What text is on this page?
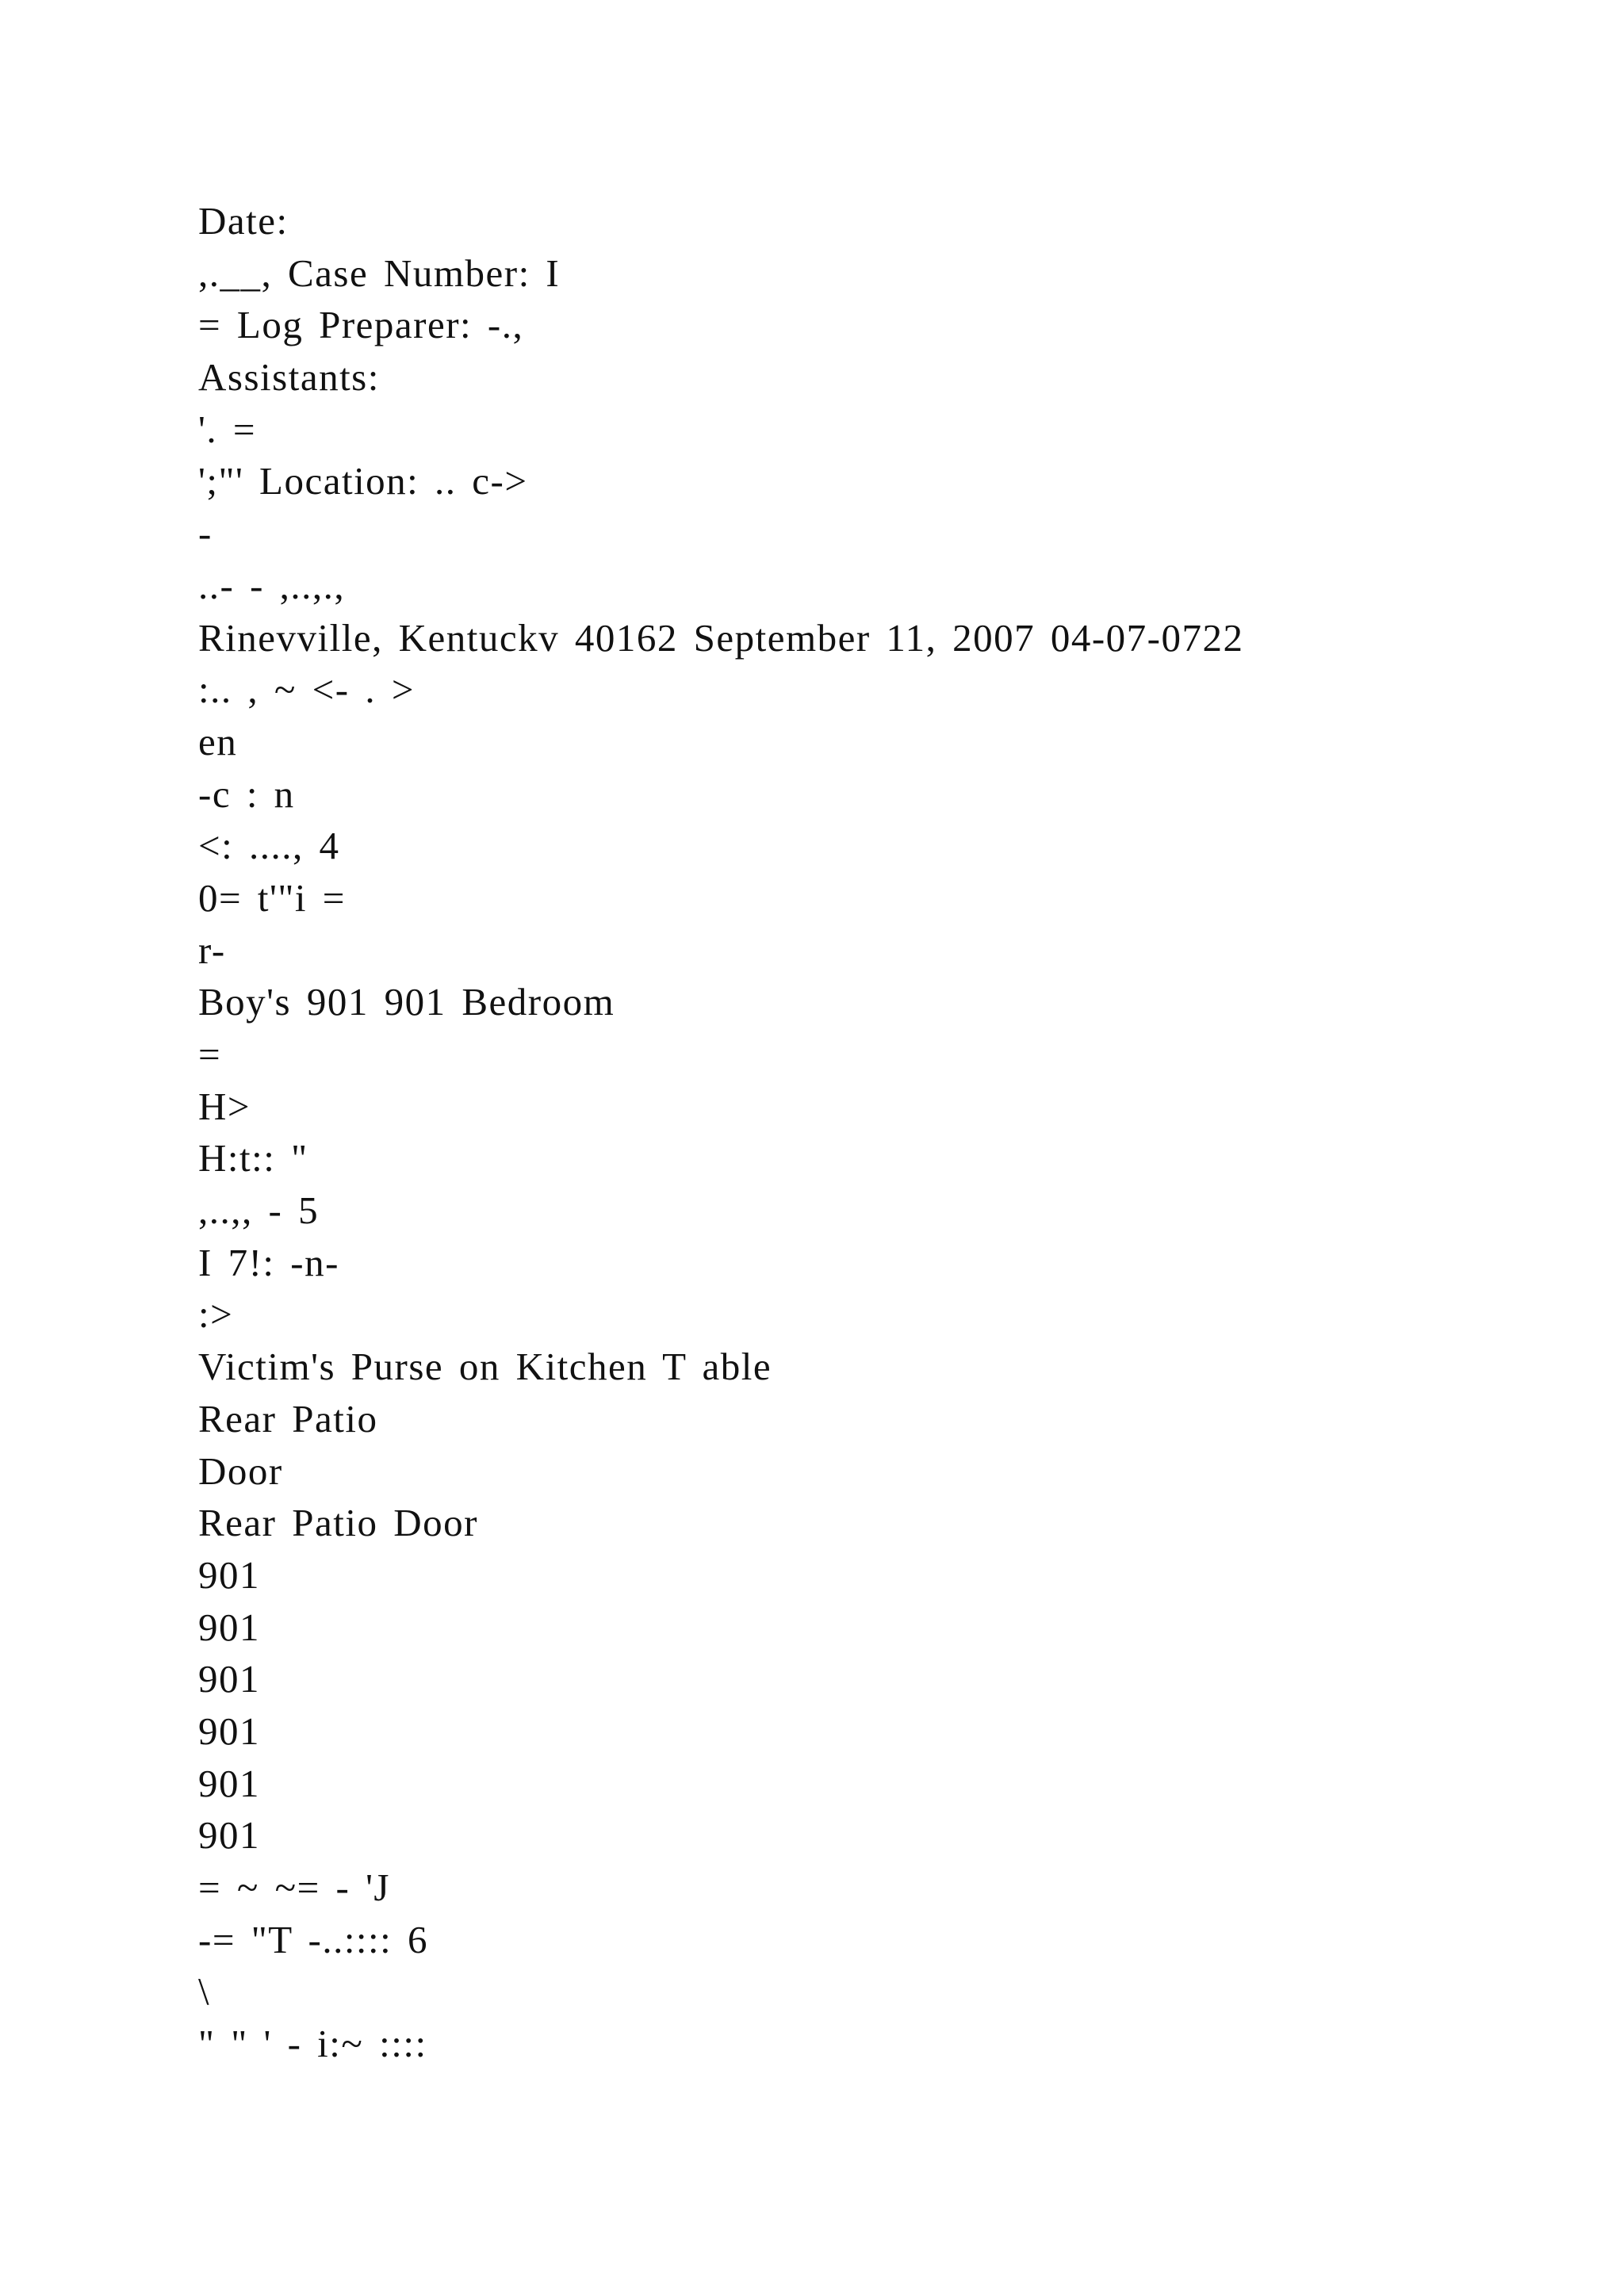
Date:
,.__, Case Number: I
= Log Preparer: -.,
Assistants:
'. =
';"' Location: .. c->
-
..- - ,..,.,
Rinevville, Kentuckv 40162 September 11, 2007 04-07-0722
:.. , ~ <- . >
en
-c : n
<: ...., 4
0= t'"i =
r-
Boy's 901 901 Bedroom
=
H>
H:t:: "
,..,, - 5
I 7!: -n-
:>
Victim's Purse on Kitchen T able
Rear Patio
Door
Rear Patio Door
901
901
901
901
901
901
= ~ ~= - 'J
-= "T -..:::: 6
\
" " ' - i:~ ::::
